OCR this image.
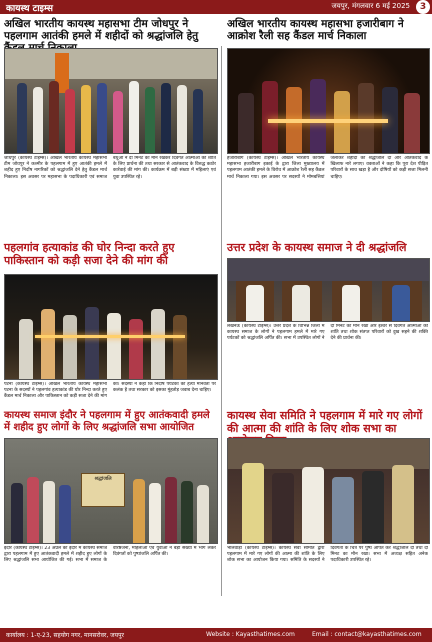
कायस्थ टाइम्स	जयपुर, मंगलवार 6 मई 2025	3
अखिल भारतीय कायस्थ महासभा टीम जोधपुर ने पहलगाम आतंकी हमले में शहीदों को श्रद्धांजलि हेतु
जोधपुर (कायस्थ टाइम्स)। अखिल भारतीय कायस्थ महासभा टीम जोधपुर ने कश्मीर के पहलगाम में हुए आतंकी हमले में शहीद हुए निर्दोष नागरिकों को श्रद्धांजलि देने हेतु कैंडल मार्च निकाला। इस अवसर पर महासभा के पदाधिकारी एवं समाज बंधुओं ने दो मिनट का मौन रखकर दिवंगत आत्माओं की शांति के लिए प्रार्थना की तथा सरकार से आतंकवाद के विरुद्ध कठोर कार्रवाई की मांग की। कार्यक्रम में बड़ी संख्या में महिलाएं एवं युवा उपस्थित रहे।
अखिल भारतीय कायस्थ महासभा हजारीबाग ने आक्रोश रैली सह कैंडल मार्च निकाला
हजारीबाग (कायस्थ टाइम्स)। अखिल भारतीय कायस्थ महासभा हजारीबाग इकाई के द्वारा जिला मुख्यालय में पहलगाम आतंकी हमले के विरोध में आक्रोश रैली सह कैंडल मार्च निकाला गया। इस अवसर पर सदस्यों ने मोमबत्तियां जलाकर शहीदों को श्रद्धांजलि दी और आतंकवाद के खिलाफ नारे लगाए। वक्ताओं ने कहा कि पूरा देश पीड़ित परिवारों के साथ खड़ा है और दोषियों को कड़ी सजा मिलनी चाहिए।
पहलगांव हत्याकांड की घोर निन्दा करते हुए पाकिस्तान को कड़ी सजा देने की मांग की
पटना (कायस्थ टाइम्स)। अखिल भारतीय कायस्थ महासभा पटना के सदस्यों ने पहलगांव हत्याकांड की घोर निन्दा करते हुए कैंडल मार्च निकाला और पाकिस्तान को कड़ी सजा देने की मांग की। सदस्यों ने कहा कि निर्दोष पर्यटकों की हत्या मानवता पर कलंक है तथा सरकार को इसका मुंहतोड़ जवाब देना चाहिए।
उत्तर प्रदेश के कायस्थ समाज ने दी श्रद्धांजलि
लखनऊ (कायस्थ टाइम्स)। उत्तर प्रदेश के विभिन्न जिलों में कायस्थ समाज के लोगों ने पहलगाम हमले में मारे गए पर्यटकों को श्रद्धांजलि अर्पित की। सभा में उपस्थित लोगों ने दो मिनट का मौन रखा और ईश्वर से दिवंगत आत्माओं की शांति तथा शोक संतप्त परिवारों को दुख सहने की शक्ति देने की प्रार्थना की।
कायस्थ समाज इंदौर ने पहलगाम में हुए आतंकवादी हमले में शहीद हुए लोगों के लिए श्रद्धांजलि सभा आयोजित
श्रद्धांजलि
इंदौर (कायस्थ टाइम्स)। 23 अप्रैल को इंदौर में कायस्थ समाज द्वारा पहलगाम में हुए आतंकवादी हमले में शहीद हुए लोगों के लिए श्रद्धांजलि सभा आयोजित की गई। सभा में समाज के वरिष्ठजनों, महिलाओं एवं युवाओं ने बड़ी संख्या में भाग लेकर दिवंगतों को पुष्पांजलि अर्पित की।
कायस्थ सेवा समिति ने पहलगाम में मारे गए लोगों की आत्मा की शांति के लिए शोक सभा का
भीलवाड़ा (कायस्थ टाइम्स)। कायस्थ सेवा समिति द्वारा पहलगाम में मारे गए लोगों की आत्मा की शांति के लिए शोक सभा का आयोजन किया गया। समिति के सदस्यों ने दिवंगतों के चित्र पर पुष्प अर्पित कर श्रद्धांजलि दी तथा दो मिनट का मौन रखा। सभा में अध्यक्ष सहित अनेक पदाधिकारी उपस्थित रहे।
कार्यालय : 1-ए-23, सहयोग नगर, मानसरोवर, जयपुर	Website : Kayasthatimes.com	Email : contact@kayasthatimes.com
